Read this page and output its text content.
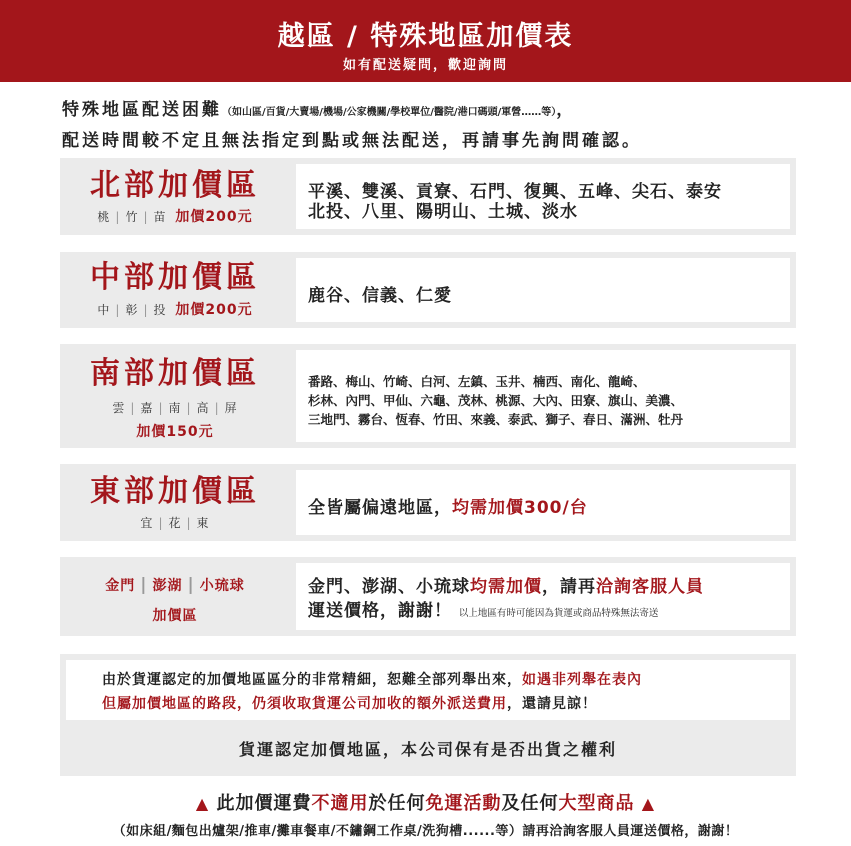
越區 / 特殊地區加價表
如有配送疑問，歡迎詢問
特殊地區配送困難（如山區/百貨/大賣場/機場/公家機關/學校單位/醫院/港口碼頭/軍營……等），
配送時間較不定且無法指定到點或無法配送，再請事先詢問確認。
北部加價區
桃 | 竹 | 苗 加價200元
平溪、雙溪、貢寮、石門、復興、五峰、尖石、泰安
北投、八里、陽明山、土城、淡水
中部加價區
中 | 彰 | 投 加價200元
鹿谷、信義、仁愛
南部加價區
雲 | 嘉 | 南 | 高 | 屏
加價150元
番路、梅山、竹崎、白河、左鎮、玉井、楠西、南化、龍崎、
杉林、內門、甲仙、六龜、茂林、桃源、大內、田寮、旗山、美濃、
三地門、霧台、恆春、竹田、來義、泰武、獅子、春日、滿洲、牡丹
東部加價區
宜 | 花 | 東
全皆屬偏遠地區，均需加價300/台
金門 | 澎湖 | 小琉球
加價區
金門、澎湖、小琉球均需加價，請再洽詢客服人員
運送價格，謝謝！ 以上地區有時可能因為貨運或商品特殊無法寄送
由於貨運認定的加價地區區分的非常精細，恕難全部列舉出來，如遇非列舉在表內
但屬加價地區的路段，仍須收取貨運公司加收的額外派送費用，還請見諒！
貨運認定加價地區，本公司保有是否出貨之權利
▲ 此加價運費不適用於任何免運活動及任何大型商品 ▲
（如床組/麵包出爐架/推車/攤車餐車/不鏽鋼工作桌/洗狗槽......等）請再洽詢客服人員運送價格，謝謝！
